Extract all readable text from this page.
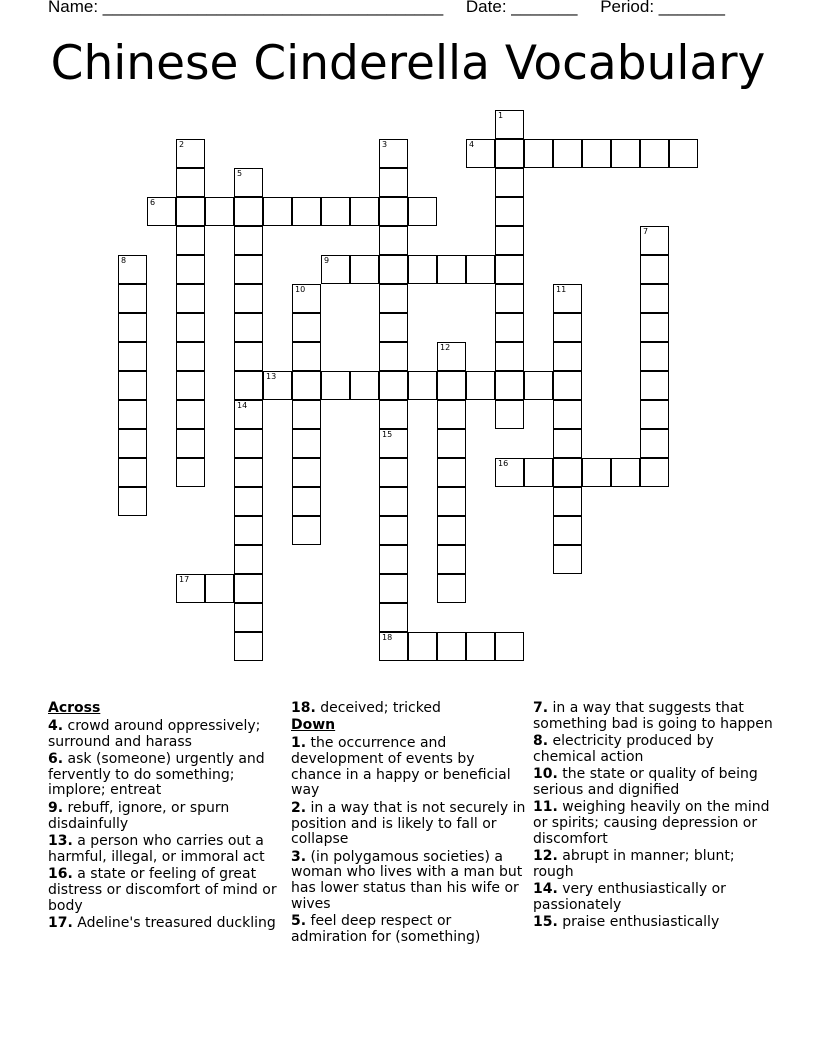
Name: ____________________________________ Date: _______ Period: _______
Chinese Cinderella Vocabulary
1
2	3	4
5
6
7
8	9
10	11
12
13
14
15
18
16
17
Across
4. crowd around oppressively; surround and harass
6. ask (someone) urgently and fervently to do something; implore; entreat
9. rebuff, ignore, or spurn disdainfully
13. a person who carries out a harmful, illegal, or immoral act
16. a state or feeling of great distress or discomfort of mind or body
17. Adeline's treasured duckling
18. deceived; tricked
Down
1. the occurrence and development of events by chance in a happy or beneficial way
2. in a way that is not securely in position and is likely to fall or collapse
3. (in polygamous societies) a woman who lives with a man but has lower status than his wife or wives
5. feel deep respect or admiration for (something)
7. in a way that suggests that something bad is going to happen
8. electricity produced by chemical action
10. the state or quality of being serious and dignified
11. weighing heavily on the mind or spirits; causing depression or discomfort
12. abrupt in manner; blunt; rough
14. very enthusiastically or passionately
15. praise enthusiastically
